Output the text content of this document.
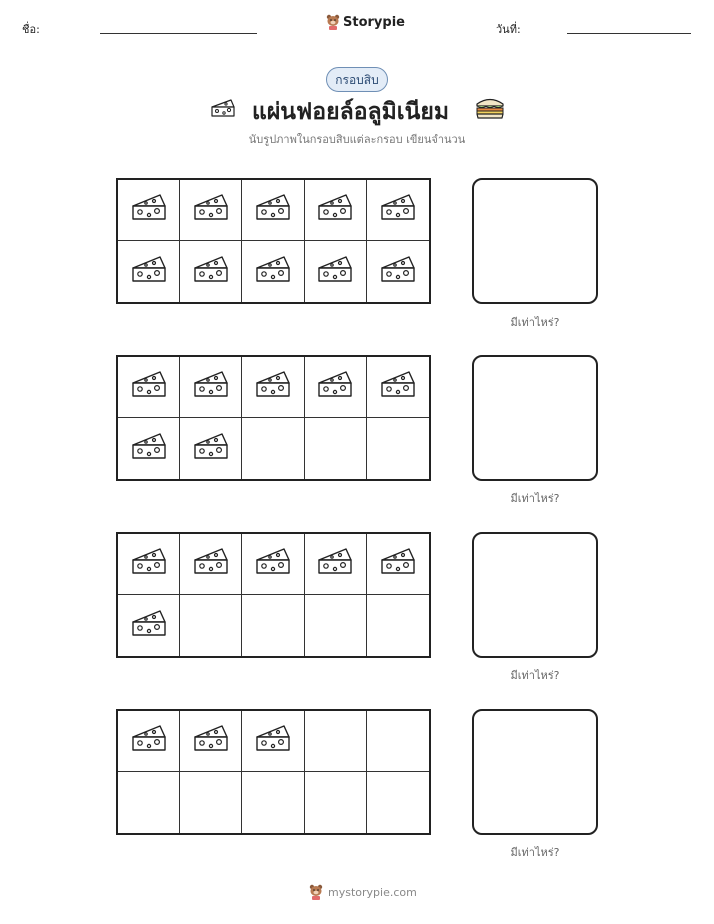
ชื่อ:	Storypie	วันที่:
กรอบสิบ
แผ่นฟอยล์อลูมิเนียม
นับรูปภาพในกรอบสิบแต่ละกรอบ เขียนจำนวน
มีเท่าไหร่?
มีเท่าไหร่?
มีเท่าไหร่?
มีเท่าไหร่?
mystorypie.com
